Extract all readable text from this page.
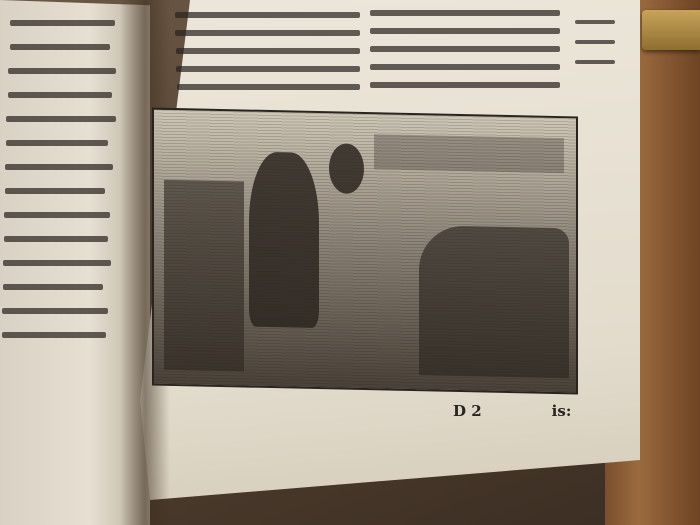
D 2	is:
